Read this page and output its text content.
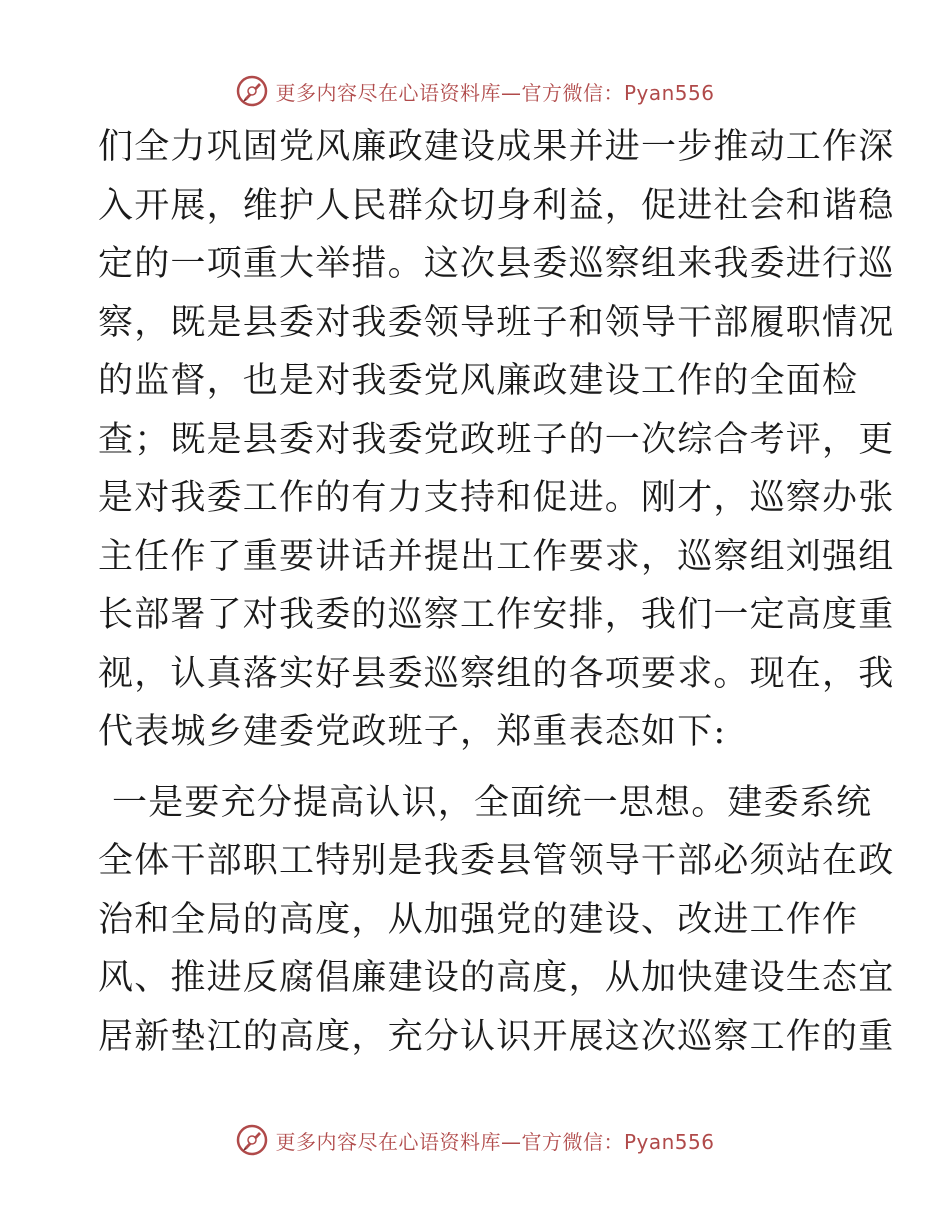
更多内容尽在心语资料库—官方微信：Pyan556
们全力巩固党风廉政建设成果并进一步推动工作深
入开展，维护人民群众切身利益，促进社会和谐稳
定的一项重大举措。这次县委巡察组来我委进行巡
察，既是县委对我委领导班子和领导干部履职情况
的监督，也是对我委党风廉政建设工作的全面检
查；既是县委对我委党政班子的一次综合考评，更
是对我委工作的有力支持和促进。刚才，巡察办张
主任作了重要讲话并提出工作要求，巡察组刘强组
长部署了对我委的巡察工作安排，我们一定高度重
视，认真落实好县委巡察组的各项要求。现在，我
代表城乡建委党政班子，郑重表态如下:
一是要充分提高认识，全面统一思想。建委系统
全体干部职工特别是我委县管领导干部必须站在政
治和全局的高度，从加强党的建设、改进工作作
风、推进反腐倡廉建设的高度，从加快建设生态宜
居新垫江的高度，充分认识开展这次巡察工作的重
更多内容尽在心语资料库—官方微信：Pyan556
